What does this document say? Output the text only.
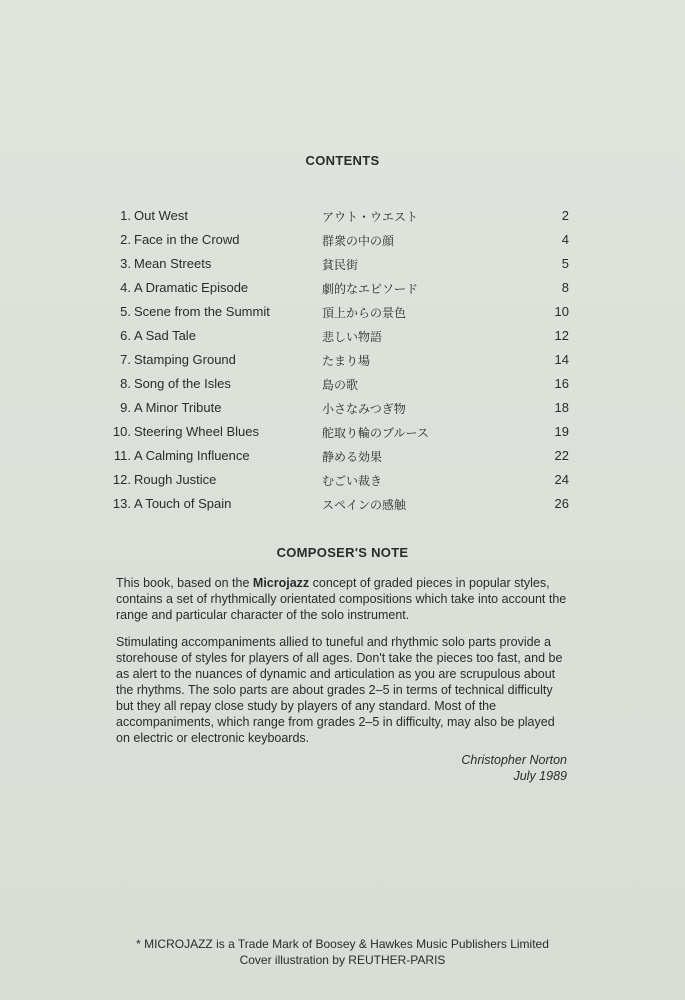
CONTENTS
1. Out West	アウト・ウエスト	2
2. Face in the Crowd	群衆の中の顔	4
3. Mean Streets	貧民街	5
4. A Dramatic Episode	劇的なエピソード	8
5. Scene from the Summit	頂上からの景色	10
6. A Sad Tale	悲しい物語	12
7. Stamping Ground	たまり場	14
8. Song of the Isles	島の歌	16
9. A Minor Tribute	小さなみつぎ物	18
10. Steering Wheel Blues	舵取り輪のブルース	19
11. A Calming Influence	静める効果	22
12. Rough Justice	むごい裁き	24
13. A Touch of Spain	スペインの感触	26
COMPOSER'S NOTE
This book, based on the Microjazz concept of graded pieces in popular styles, contains a set of rhythmically orientated compositions which take into account the range and particular character of the solo instrument.
Stimulating accompaniments allied to tuneful and rhythmic solo parts provide a storehouse of styles for players of all ages. Don't take the pieces too fast, and be as alert to the nuances of dynamic and articulation as you are scrupulous about the rhythms. The solo parts are about grades 2–5 in terms of technical difficulty but they all repay close study by players of any standard. Most of the accompaniments, which range from grades 2–5 in difficulty, may also be played on electric or electronic keyboards.
Christopher Norton
July 1989
* MICROJAZZ is a Trade Mark of Boosey & Hawkes Music Publishers Limited
Cover illustration by REUTHER-PARIS
